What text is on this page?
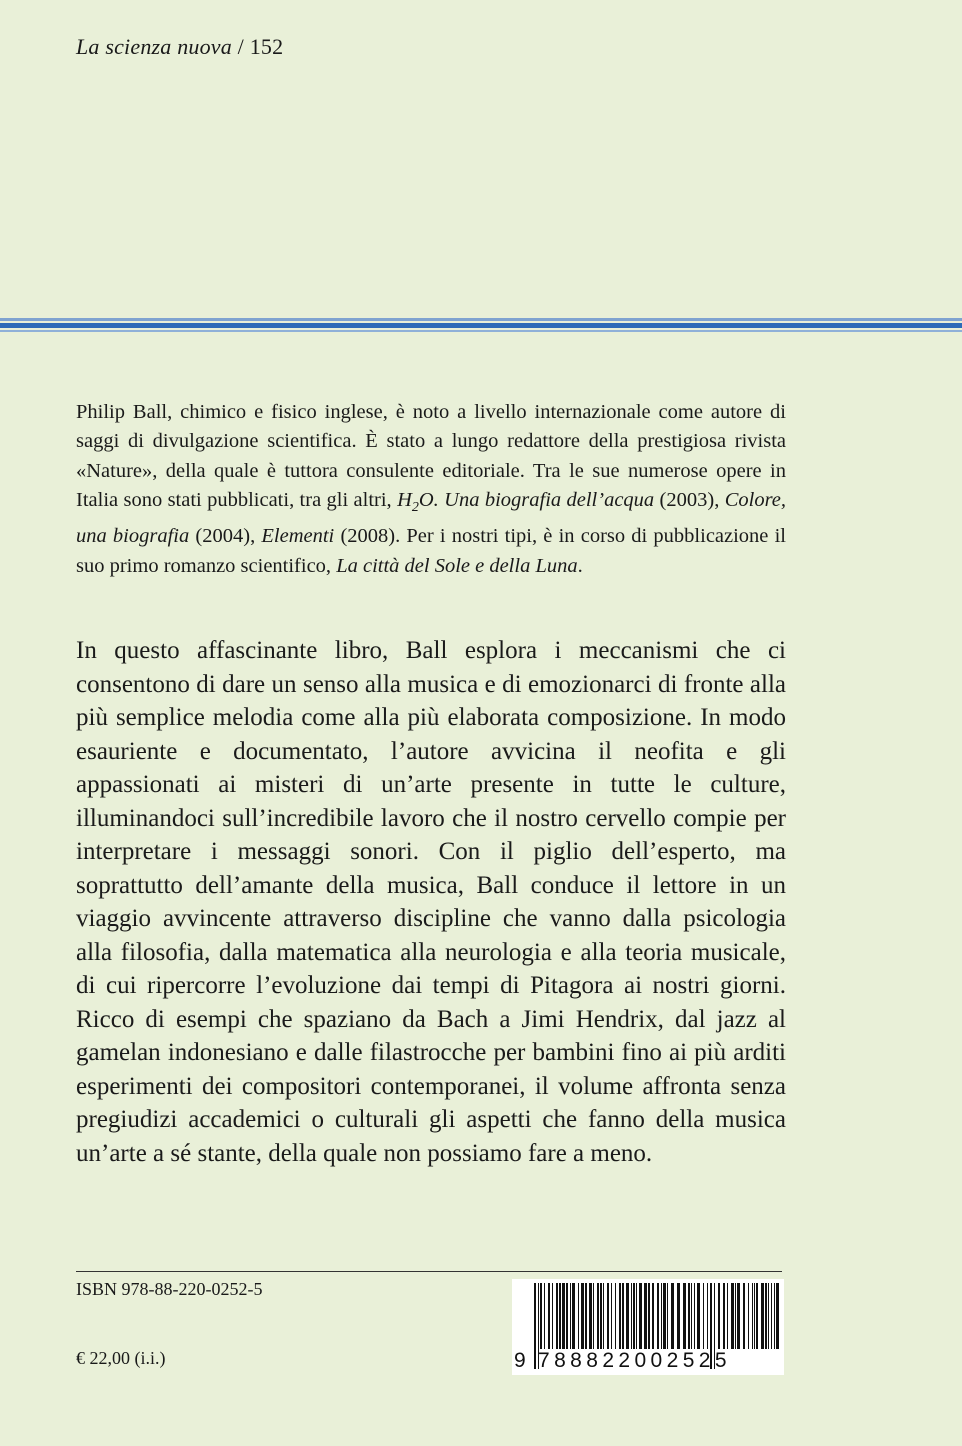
La scienza nuova / 152
Philip Ball, chimico e fisico inglese, è noto a livello internazionale come autore di saggi di divulgazione scientifica. È stato a lungo redattore della prestigiosa rivista «Nature», della quale è tuttora consulente editoriale. Tra le sue numerose opere in Italia sono stati pubblicati, tra gli altri, $H_2O$. Una biografia dell’acqua (2003), Colore, una biografia (2004), Elementi (2008). Per i nostri tipi, è in corso di pubblicazione il suo primo romanzo scientifico, La città del Sole e della Luna.
In questo affascinante libro, Ball esplora i meccanismi che ci consentono di dare un senso alla musica e di emozionarci di fronte alla più semplice melodia come alla più elaborata composizione. In modo esauriente e documentato, l’autore avvicina il neofita e gli appassionati ai misteri di un’arte presente in tutte le culture, illuminandoci sull’incredibile lavoro che il nostro cervello compie per interpretare i messaggi sonori. Con il piglio dell’esperto, ma soprattutto dell’amante della musica, Ball conduce il lettore in un viaggio avvincente attraverso discipline che vanno dalla psicologia alla filosofia, dalla matematica alla neurologia e alla teoria musicale, di cui ripercorre l’evoluzione dai tempi di Pitagora ai nostri giorni. Ricco di esempi che spaziano da Bach a Jimi Hendrix, dal jazz al gamelan indonesiano e dalle filastrocche per bambini fino ai più arditi esperimenti dei compositori contemporanei, il volume affronta senza pregiudizi accademici o culturali gli aspetti che fanno della musica un’arte a sé stante, della quale non possiamo fare a meno.
ISBN 978-88-220-0252-5
€ 22,00 (i.i.)	9 788822002525
